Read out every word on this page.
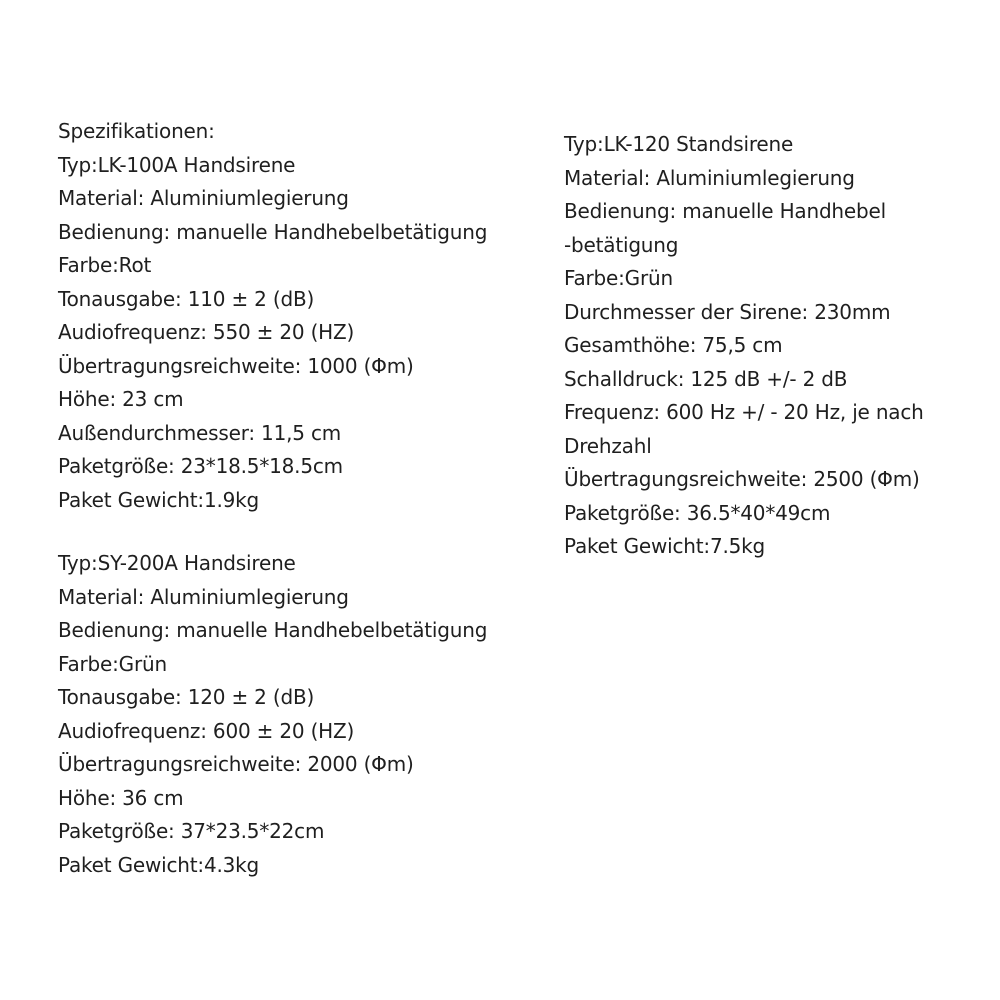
Spezifikationen:
Typ:LK-100A Handsirene
Material: Aluminiumlegierung
Bedienung: manuelle Handhebelbetätigung
Farbe:Rot
Tonausgabe: 110 ± 2 (dB)
Audiofrequenz: 550 ± 20 (HZ)
Übertragungsreichweite: 1000 (Φm)
Höhe: 23 cm
Außendurchmesser: 11,5 cm
Paketgröße: 23*18.5*18.5cm
Paket Gewicht:1.9kg
Typ:SY-200A Handsirene
Material: Aluminiumlegierung
Bedienung: manuelle Handhebelbetätigung
Farbe:Grün
Tonausgabe: 120 ± 2 (dB)
Audiofrequenz: 600 ± 20 (HZ)
Übertragungsreichweite: 2000 (Φm)
Höhe: 36 cm
Paketgröße: 37*23.5*22cm
Paket Gewicht:4.3kg
Typ:LK-120 Standsirene
Material: Aluminiumlegierung
Bedienung: manuelle Handhebel
-betätigung
Farbe:Grün
Durchmesser der Sirene: 230mm
Gesamthöhe: 75,5 cm
Schalldruck: 125 dB +/- 2 dB
Frequenz: 600 Hz +/ - 20 Hz, je nach
Drehzahl
Übertragungsreichweite: 2500 (Φm)
Paketgröße: 36.5*40*49cm
Paket Gewicht:7.5kg
